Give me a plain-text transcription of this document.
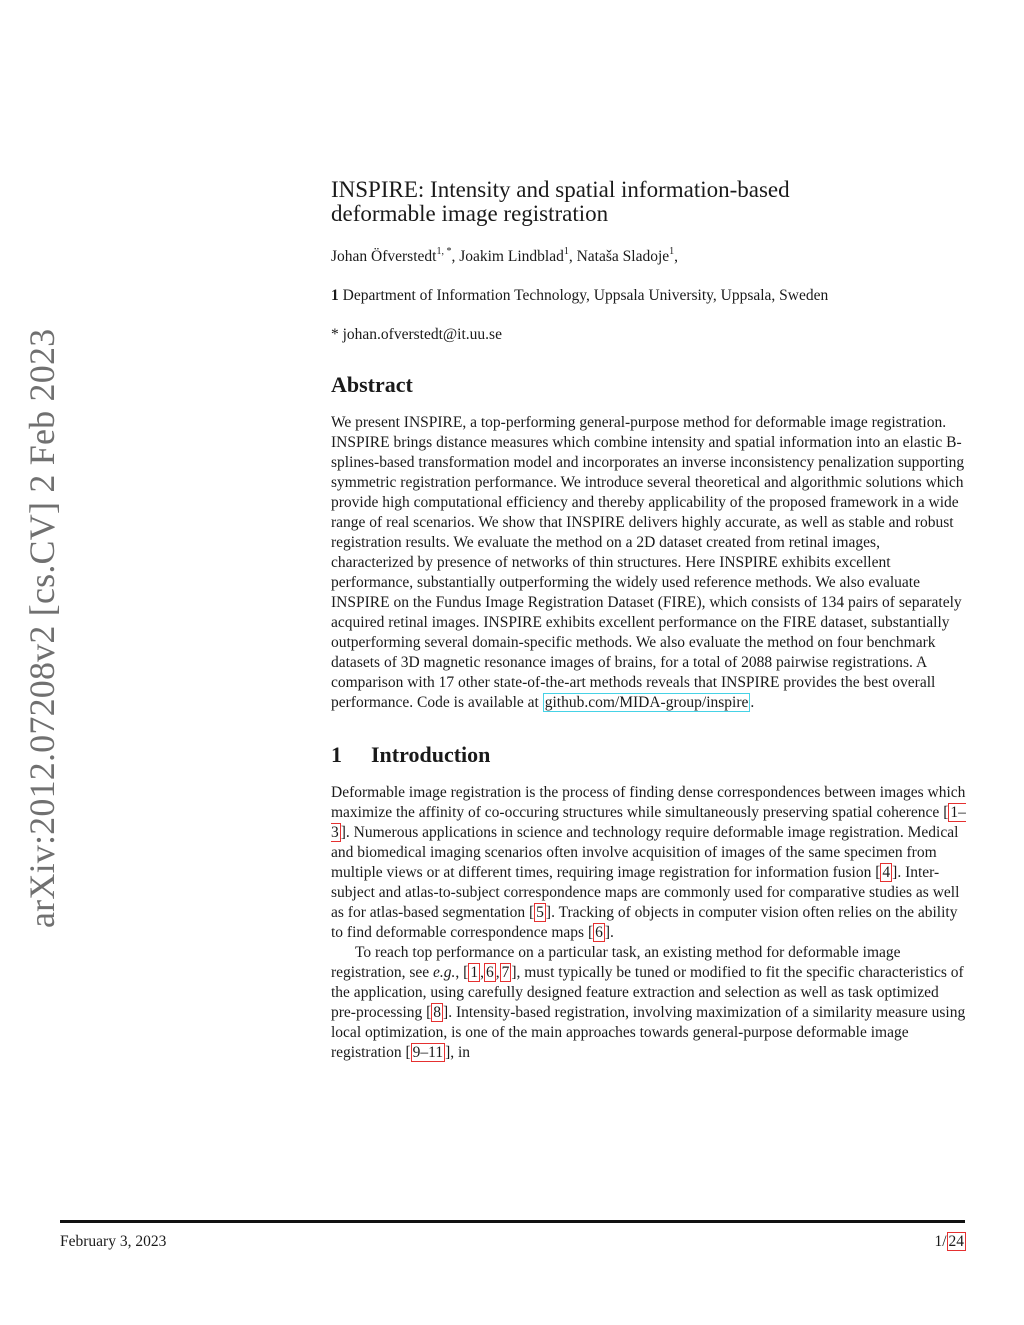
arXiv:2012.07208v2 [cs.CV] 2 Feb 2023
INSPIRE: Intensity and spatial information-based
deformable image registration
Johan Öfverstedt$^{1, *}$, Joakim Lindblad$^1$, Nataša Sladoje$^1$,
1 Department of Information Technology, Uppsala University, Uppsala, Sweden
* johan.ofverstedt@it.uu.se
Abstract

We present INSPIRE, a top-performing general-purpose method for deformable image registration. INSPIRE brings distance measures which combine intensity and spatial information into an elastic B-splines-based transformation model and incorporates an inverse inconsistency penalization supporting symmetric registration performance. We introduce several theoretical and algorithmic solutions which provide high computational efficiency and thereby applicability of the proposed framework in a wide range of real scenarios. We show that INSPIRE delivers highly accurate, as well as stable and robust registration results. We evaluate the method on a 2D dataset created from retinal images, characterized by presence of networks of thin structures. Here INSPIRE exhibits excellent performance, substantially outperforming the widely used reference methods. We also evaluate INSPIRE on the Fundus Image Registration Dataset (FIRE), which consists of 134 pairs of separately acquired retinal images. INSPIRE exhibits excellent performance on the FIRE dataset, substantially outperforming several domain-specific methods. We also evaluate the method on four benchmark datasets of 3D magnetic resonance images of brains, for a total of 2088 pairwise registrations. A comparison with 17 other state-of-the-art methods reveals that INSPIRE provides the best overall performance. Code is available at github.com/MIDA-group/inspire .

1 Introduction

Deformable image registration is the process of finding dense correspondences between images which maximize the affinity of co-occuring structures while simultaneously preserving spatial coherence [ 1–3 ]. Numerous applications in science and technology require deformable image registration. Medical and biomedical imaging scenarios often involve acquisition of images of the same specimen from multiple views or at different times, requiring image registration for information fusion [ 4 ]. Inter-subject and atlas-to-subject correspondence maps are commonly used for comparative studies as well as for atlas-based segmentation [ 5 ]. Tracking of objects in computer vision often relies on the ability to find deformable correspondence maps [ 6 ].

To reach top performance on a particular task, an existing method for deformable image registration, see e.g., [ 1 , 6 , 7 ], must typically be tuned or modified to fit the specific characteristics of the application, using carefully designed feature extraction and selection as well as task optimized pre-processing [ 8 ]. Intensity-based registration, involving maximization of a similarity measure using local optimization, is one of the main approaches towards general-purpose deformable image registration [ 9–11 ], in

February 3, 2023	1/ 24
